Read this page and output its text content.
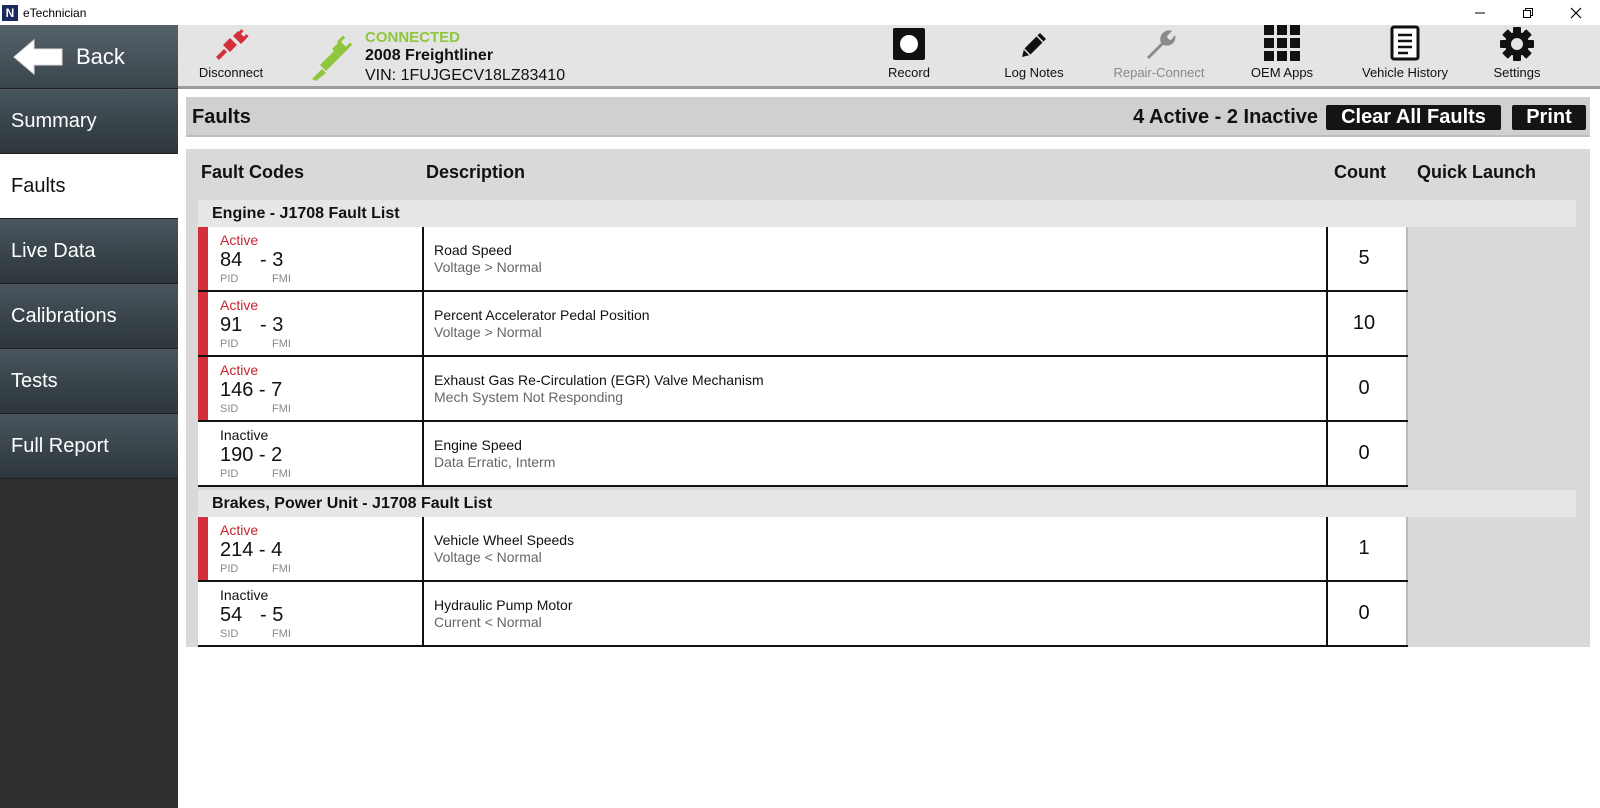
N eTechnician
Back
Summary
Faults
Live Data
Calibrations
Tests
Full Report
Disconnect
CONNECTED
2008 Freightliner
VIN: 1FUJGECV18LZ83410	Record	Log Notes	Repair-Connect	OEM Apps	Vehicle History	Settings
Faults	4 Active - 2 Inactive	Clear All Faults	Print
Fault Codes	Description	Count Quick Launch
Engine - J1708 Fault List
Active
84 - 3
PID	FMI
Road Speed
Voltage > Normal	5
Active
91 - 3
PID	FMI
Percent Accelerator Pedal Position
Voltage > Normal	10
Active
146 - 7
SID	FMI
Exhaust Gas Re-Circulation (EGR) Valve Mechanism
Mech System Not Responding	0
Inactive
190 - 2
PID	FMI
Engine Speed
Data Erratic, Interm	0
Brakes, Power Unit - J1708 Fault List
Active
214 - 4
PID	FMI
Vehicle Wheel Speeds
Voltage < Normal	1
Inactive
54 - 5
SID	FMI
Hydraulic Pump Motor
Current < Normal	0
